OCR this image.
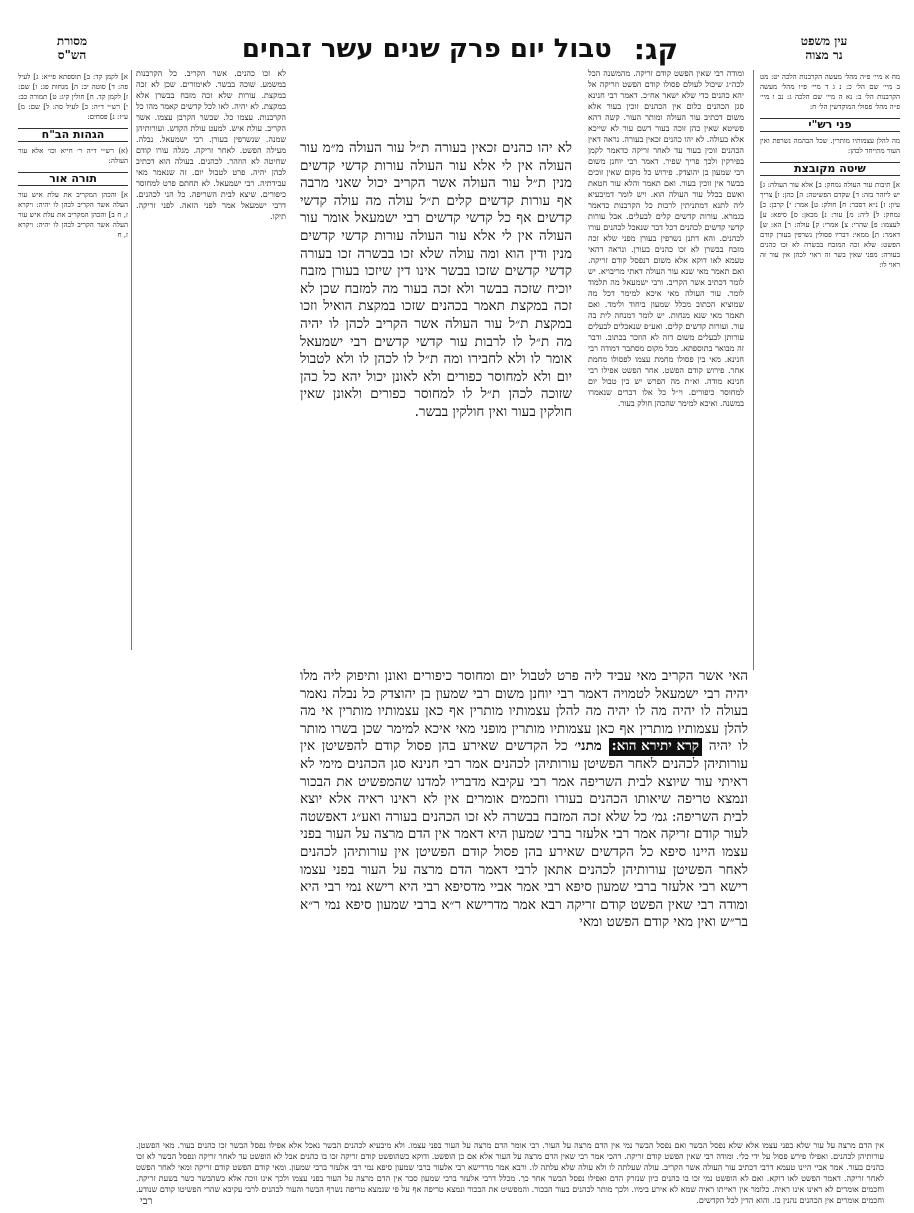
קג:
טבול יום פרק שנים עשר זבחים	עין משפט
נר מצוה
מסורת
הש"ס
מח א מיי׳ פ״ה מהל׳ מעשה הקרבנות הלכה יט: מט ב מיי׳ שם הל׳ כ: נ ג ד מיי׳ פ״ו מהל׳ מעשה הקרבנות הל׳ ב: נא ה מיי׳ שם הלכה ג: נב ו מיי׳ פ״ה מהל׳ פסולי המוקדשין הל׳ ח:
פני רש"י
מה להלן עצמותיו מותרין. שכל הבהמה נשרפת ואין העור מתייחד לכהן:
שיטה מקובצת
א] תיבות עור העולה נמחק: ב] אלא עור העולה: ג] יש ליזהר בזה: ד] שקדם הפשיטה: ה] כהן: ו] צריך עיון: ז] נ״א דסבר: ח] חולק: ט] אמר: י] קרבן: כ] נמחק: ל] ליה: מ] עור: נ] מכאן: ס] סיפא: ע] לעצמו: פ] שהרי: צ] אמרי: ק] עולה: ר] הא: ש] דאמר: ת] ממאי: דבריו פסולין נשרפין בעורן קודם הפשט: שלא זכה המזבח בבשרה לא זכו כהנים בעורה: מפני שאין בשר זה ראוי לכהן אין עור זה ראוי לו:
א] לקמן קד: ב] תוספתא פי״א: ג] לעיל פה: ד] סוטה יב: ה] מנחות פג: ו] שם: ז] לקמן קד. ח] חולין קיג: ט] תמורה כב: י] רש״י ד״ה: כ] לעיל סה: ל] שם: מ] ע״ז: נ] פסחים:
הגהות הב"ח
(א) רש״י ד״ה ר׳ חייא וכו׳ אלא עור העולה:
תורה אור
א] והכהן המקריב את עלת איש עור העלה אשר הקריב לכהן לו יהיה: ויקרא ז, ח ב] והכהן המקריב את עלת איש עור העלה אשר הקריב לכהן לו יהיה: ויקרא ז, ח
ומודה רבי שאין הפשט קודם זריקה. מהמשנה הכל לכה״ג שיכול לעולם פסולו קודם הפשט וזריקה אל יהא כהנים כדי שלא ישאר אח״כ. דאמר רבי חנינא סגן הכהנים כלום אין הכהנים זוכין בעור אלא משום דכתיב עור העולה ומותר העור. קשה דהא פשיטא שאין כהן זוכה בעור דשם עור לא שייכא אלא בעולה. לא יהו כהנים זכאין בעורה. נראה דאין הכהנים זוכין בעור עד לאחר זריקה כדאמר לקמן בפירקין ולכך פריך שפיר. דאמר רבי יוחנן משום רבי שמעון בן יהוצדק. פירוש כל מקום שאין זוכים בבשר אין זוכין בעור. ואם תאמר והלא עור חטאת ואשם בכלל עור העולה הוא. ויש לומר דמיבעיא ליה לתנא דמתניתין לרבות כל הקרבנות כדאמר בגמרא. עורות קדשים קלים לבעלים. אבל עורות קדשי קדשים לכהנים דכל דבר שנאכל לכהנים עורו לכהנים. והא דתנן נשרפין בעורן מפני שלא זכה מזבח בבשרן לא זכו כהנים בעורן. ונראה דהאי טעמא לאו דוקא אלא משום דנפסל קודם זריקה. ואם תאמר מאי שנא עור העולה דאתי מריבויא. יש לומר דכתיב אשר הקריב. ורבי ישמעאל מה תלמוד לומר. עור העולה מאי איכא למימר דכל מה שמוציא הכתוב מכלל שמעון ביחוד ולימד. ואם תאמר מאי שנא מנחות. יש לומר דמנחה לית בה עור. ועורות קדשים קלים. ואע״פ שנאכלים לבעלים עורותן לבעלים משום דזה לא הוזכר בכתוב. ודבר זה מבואר בתוספתא. מכל מקום מסתבר דמודה רבי חנינא. מאי בין פסולו מחמת עצמו לפסולו מחמת אחר. פירוש קודם הפשט. אחר הפשט אפילו רבי חנינא מודה. וא״ת מה הפרש יש בין טבול יום למחוסר כיפורים. וי״ל כל אלו דברים שנאמרו במשנה. ואיכא למימר שהכהן חולק בעור.
לא זכו כהנים. אשר הקריב. כל הקרבנות במשמע. שוכה בבשר. לאימורים. שכן לא זכה במקצת. עורות שלא זכה מזבח בבשרן אלא במקצת. לא יהיה. לאו לכל קדשים קאמר מהו כל הקרבנות. עצמו כל. שבשר הקרבן עצמו. אשר הקריב. עולת איש. למעט עולת הקדש. ועורותיהן שמנה. שנשרפין בעורן. רבי ישמעאל. נבלה. מעילה הפשט. לאחר זריקה. מגלה עורו קודם שחיטה לא הוזהר. לכהנים. בעולה הוא דכתיב לכהן יהיה. פרט לטבול יום. זה שנאמר מאי עבידתיה. רבי ישמעאל. לא תחתם פרט למחוסר כיפורים. שיצא לבית השריפה. כל הני לכהנים. דרבי ישמעאל אמר לפני הזאה. לפני זריקה. תיקו.
לא יהו כהנים זכאין בעורה ת״ל עור העולה מ״מ עור העולה אין לי אלא עור העולה עורות קדשי קדשים מנין ת״ל עור העולה אשר הקריב יכול שאני מרבה אף עורות קדשים קלים ת״ל עולה מה עולה קדשי קדשים אף כל קדשי קדשים רבי ישמעאל אומר עור העולה אין לי אלא עור העולה עורות קדשי קדשים מנין ודין הוא ומה עולה שלא זכו בבשרה זכו בעורה קדשי קדשים שזכו בבשר אינו דין שיזכו בעורן מזבח יוכיח שזכה בבשר ולא זכה בעור מה למזבח שכן לא זכה במקצת תאמר בכהנים שזכו במקצת הואיל וזכו במקצת ת״ל עור העולה אשר הקריב לכהן לו יהיה מה ת״ל לו לרבות עור קדשי קדשים רבי ישמעאל אומר לו ולא לחבירו ומה ת״ל לו לכהן לו ולא לטבול יום ולא למחוסר כפורים ולא לאונן יכול יהא כל כהן שזוכה לכהן ת״ל לו למחוסר כפורים ולאונן שאין חולקין בעור ואין חולקין בבשר.
האי אשר הקריב מאי עביד ליה פרט לטבול יום ומחוסר כיפורים ואונן ותיפוק ליה מלו יהיה רבי ישמעאל לטמויה דאמר רבי יוחנן משום רבי שמעון בן יהוצדק כל נבלה נאמר בעולה לו יהיה מה לו יהיה מה להלן עצמותיו מותרין אף כאן עצמותיו מותרין אי מה להלן עצמותיו מותרין אף כאן עצמותיו מותרין מופני מאי איכא למימר שכן בשרו מותר לו יהיה קרא יתירא הוא: מתני׳ כל הקדשים שאירע בהן פסול קודם להפשיטן אין עורותיהן לכהנים לאחר הפשיטן עורותיהן לכהנים אמר רבי חנינא סגן הכהנים מימי לא ראיתי עור שיוצא לבית השריפה אמר רבי עקיבא מדבריו למדנו שהמפשיט את הבכור ונמצא טריפה שיאותו הכהנים בעורו וחכמים אומרים אין לא ראינו ראיה אלא יוצא לבית השריפה: גמ׳ כל שלא זכה המזבח בבשרה לא זכו הכהנים בעורה ואע״ג דאפשטה לעור קודם זריקה אמר רבי אלעזר ברבי שמעון היא דאמר אין הדם מרצה על העור בפני עצמו היינו סיפא כל הקדשים שאירע בהן פסול קודם הפשיטן אין עורותיהן לכהנים לאחר הפשיטן עורותיהן לכהנים אתאן לרבי דאמר הדם מרצה על העור בפני עצמו רישא רבי אלעזר ברבי שמעון סיפא רבי אמר אביי מדסיפא רבי היא רישא נמי רבי היא ומודה רבי שאין הפשט קודם זריקה רבא אמר מדרישא ר״א ברבי שמעון סיפא נמי ר״א בר״ש ואין מאי קודם הפשט ומאי
אין הדם מרצה על עור שלא בפני עצמו אלא שלא נפסל הבשר ואם נפסל הבשר נמי אין הדם מרצה על העור. רבי אומר הדם מרצה על העור בפני עצמו. ולא מיבעיא לכהנים הבשר נאכל אלא אפילו נפסל הבשר זכו כהנים בעור. מאי הפשטן. עורותיהן לכהנים. ואפילו פירש פסול על ידי כלי. ומודה רבי שאין הפשט קודם זריקה. דהכי אמר רבי שאין הדם מרצה על העור אלא אם כן הופשט. ודוקא כשהופשט קודם זריקה זכו בו כהנים אבל לא הופשט עד לאחר זריקה ונפסל הבשר לא זכו כהנים בעור. אמר אביי היינו טעמא דרבי דכתיב עור העולה אשר הקריב. עולה שעלתה לו ולא עולה שלא עלתה לו. ורבא אמר מדרישא רבי אלעזר ברבי שמעון סיפא נמי רבי אלעזר ברבי שמעון. ומאי קודם הפשט קודם זריקה ומאי לאחר הפשט לאחר זריקה. דאמר הפשט לאו דוקא. ואם לא הופשט נמי זכו בו כהנים כיון שנזרק הדם ואפילו נפסל הבשר אחר כך. מכלל דרבי אלעזר ברבי שמעון סבר אין הדם מרצה על העור בפני עצמו ולכך אינו זוכה אלא כשהבשר כשר בשעת זריקה. וחכמים אומרים לא ראינו אינו ראיה. כלומר אין ראייתו ראיה שמא לא אירע בימיו. ולכך מותר לכהנים בעור הבכור. והמפשיט את הבכור ונמצא טריפה אף על פי שנמצא טריפה נשרף הבשר והעור לכהנים לרבי עקיבא שהרי הפשיטו קודם שנודע. וחכמים אומרים אין הכהנים נהנין בו. והוא הדין לכל הקדשים.
רבי
